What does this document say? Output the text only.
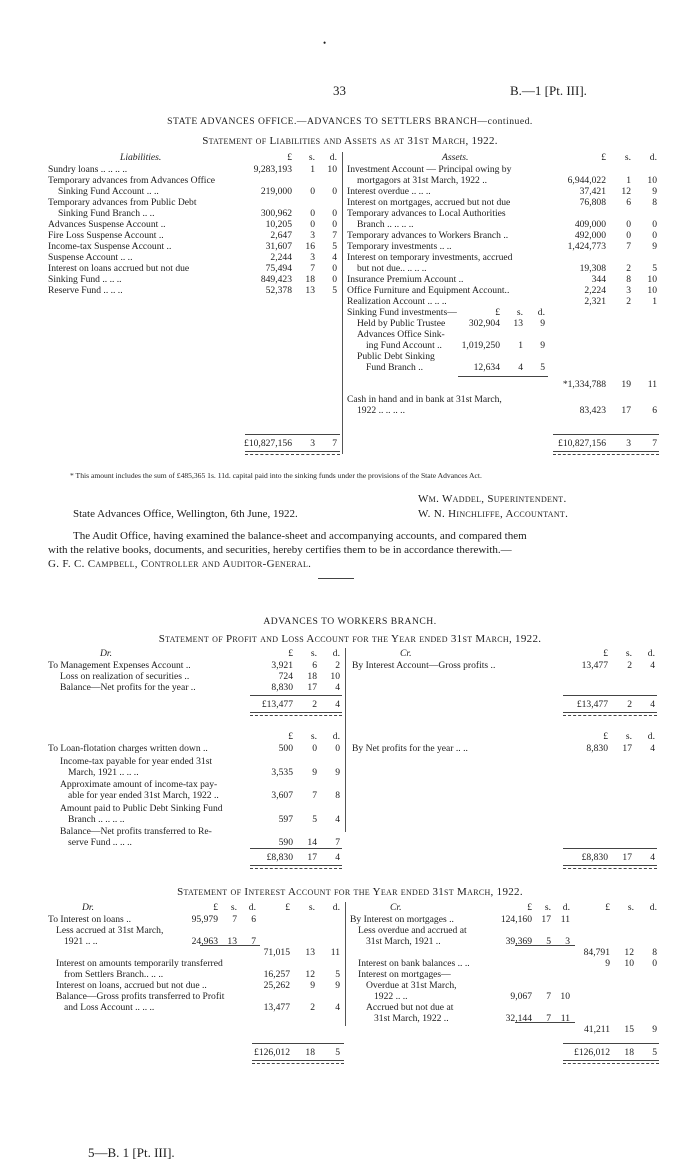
•
33	B.—1 [Pt. III].
STATE ADVANCES OFFICE.—ADVANCES TO SETTLERS BRANCH—continued.
Statement of Liabilities and Assets as at 31st March, 1922.
Liabilities.	Assets.
£	s.	d.	£	s.	d.
Sundry loans .. .. .. ..	9,283,193	1	10
Temporary advances from Advances Office
Sinking Fund Account .. ..	219,000	0	0
Temporary advances from Public Debt
Sinking Fund Branch .. ..	300,962	0	0
Advances Suspense Account ..	10,205	0	0
Fire Loss Suspense Account ..	2,647	3	7
Income-tax Suspense Account ..	31,607	16	5
Suspense Account .. ..	2,244	3	4
Interest on loans accrued but not due	75,494	7	0
Sinking Fund .. .. ..	849,423	18	0
Reserve Fund .. .. ..	52,378	13	5
Investment Account — Principal owing by
mortgagors at 31st March, 1922 ..	6,944,022	1	10
Interest overdue .. .. ..	37,421	12	9
Interest on mortgages, accrued but not due	76,808	6	8
Temporary advances to Local Authorities
Branch .. .. .. ..	409,000	0	0
Temporary advances to Workers Branch ..	492,000	0	0
Temporary investments .. ..	1,424,773	7	9
Interest on temporary investments, accrued
but not due.. .. .. ..	19,308	2	5
Insurance Premium Account ..	344	8	10
Office Furniture and Equipment Account..	2,224	3	10
Realization Account .. .. ..	2,321	2	1
Sinking Fund investments—	£	s.	d.
Held by Public Trustee	302,904	13	9
Advances Office Sink-
ing Fund Account ..	1,019,250	1	9
Public Debt Sinking
Fund Branch ..	12,634	4	5
*1,334,788	19	11
Cash in hand and in bank at 31st March,
1922 .. .. .. ..	83,423	17	6
£10,827,156	3	7	£10,827,156	3	7
* This amount includes the sum of £485,365 1s. 11d. capital paid into the sinking funds under the provisions of the State Advances Act.
Wm. Waddel, Superintendent.
State Advances Office, Wellington, 6th June, 1922.	W. N. Hinchliffe, Accountant.
The Audit Office, having examined the balance-sheet and accompanying accounts, and compared them
with the relative books, documents, and securities, hereby certifies them to be in accordance therewith.—
G. F. C. Campbell, Controller and Auditor-General.
ADVANCES TO WORKERS BRANCH.
Statement of Profit and Loss Account for the Year ended 31st March, 1922.
Dr.	Cr.
£	s.	d.	£	s.	d.
To Management Expenses Account ..	3,921	6	2
Loss on realization of securities ..	724	18	10
Balance—Net profits for the year ..	8,830	17	4
By Interest Account—Gross profits ..	13,477	2	4
£13,477	2	4	£13,477	2	4
£	s.	d.	£	s.	d.
To Loan-flotation charges written down ..	500	0	0
Income-tax payable for year ended 31st
March, 1921 .. .. ..	3,535	9	9
Approximate amount of income-tax pay-
able for year ended 31st March, 1922 ..	3,607	7	8
Amount paid to Public Debt Sinking Fund
Branch .. .. .. ..	597	5	4
Balance—Net profits transferred to Re-
serve Fund .. .. ..	590	14	7
By Net profits for the year .. ..	8,830	17	4
£8,830	17	4	£8,830	17	4
Statement of Interest Account for the Year ended 31st March, 1922.
Dr.	Cr.
£	s.	d.	£	s.	d.	£	s.	d.	£	s.	d.
To Interest on loans ..	95,979	7	6
Less accrued at 31st March,
1921 .. ..	24,963 13	7
71,015	13	11
Interest on amounts temporarily transferred
from Settlers Branch.. .. ..	16,257	12	5
Interest on loans, accrued but not due ..	25,262	9	9
Balance—Gross profits transferred to Profit
and Loss Account .. .. ..	13,477	2	4
By Interest on mortgages ..	124,160 17	11
Less overdue and accrued at
31st March, 1921 ..	39,369	5	3
84,791	12	8
Interest on bank balances .. ..	9	10	0
Interest on mortgages—
Overdue at 31st March,
1922 .. ..	9,067	7 10
Accrued but not due at
31st March, 1922 ..	32,144	7	11
41,211	15	9
£126,012	18	5	£126,012	18	5
5—B. 1 [Pt. III].
